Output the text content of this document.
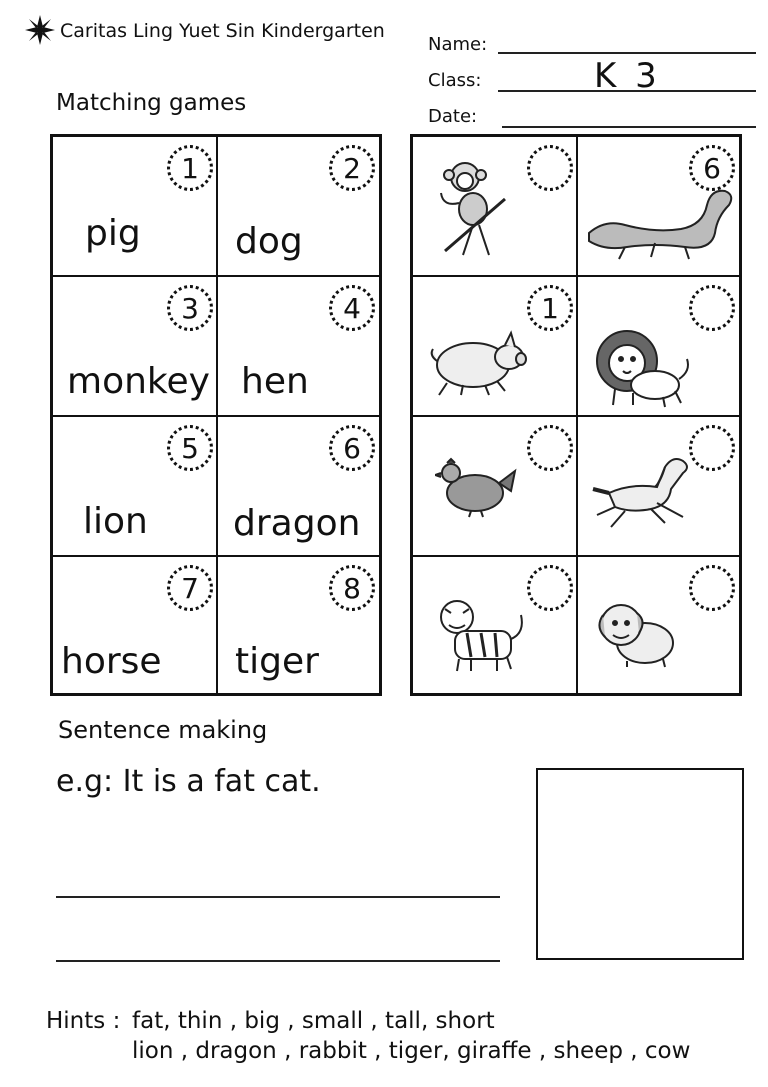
Caritas Ling Yuet Sin Kindergarten
Name:
Class:	K 3
Date:
Matching games
1
pig
2
dog
3
monkey
4
hen
5
lion
6
dragon
7
horse
8
tiger
6
1
Sentence making
e.g: It is a fat cat.
Hints : fat, thin , big , small , tall, short
lion , dragon , rabbit , tiger, giraffe , sheep , cow
